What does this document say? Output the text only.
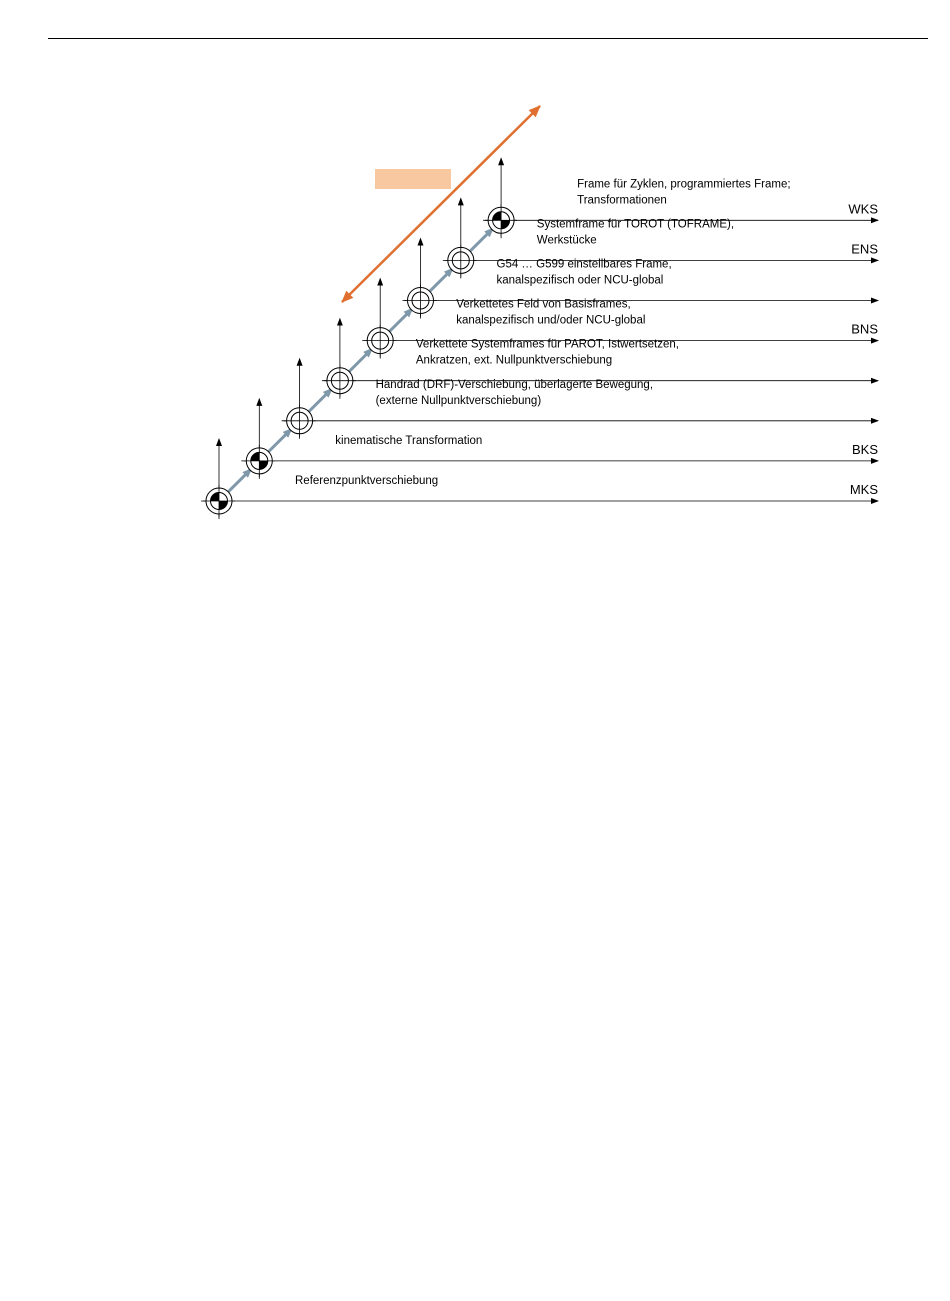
Referenzpunktverschiebung
MKS
kinematische Transformation
BKS
Handrad (DRF)-Verschiebung, überlagerte Bewegung,
(externe Nullpunktverschiebung)
Verkettete Systemframes für PAROT, Istwertsetzen,
Ankratzen, ext. Nullpunktverschiebung
Verkettetes Feld von Basisframes,
kanalspezifisch und/oder NCU-global
BNS
G54 … G599 einstellbares Frame,
kanalspezifisch oder NCU-global
Systemframe für TOROT (TOFRAME),
Werkstücke
ENS
Frame für Zyklen, programmiertes Frame;
Transformationen
WKS
